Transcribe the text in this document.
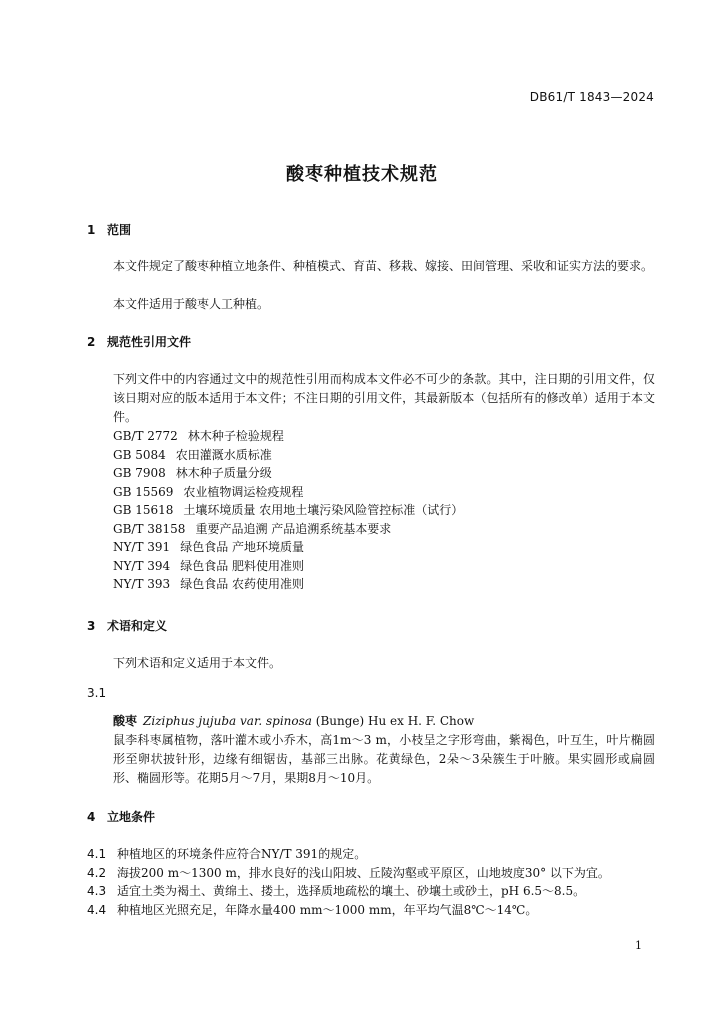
DB61/T 1843—2024
酸枣种植技术规范
1 范围
本文件规定了酸枣种植立地条件、种植模式、育苗、移栽、嫁接、田间管理、采收和证实方法的要求。
本文件适用于酸枣人工种植。
2 规范性引用文件
下列文件中的内容通过文中的规范性引用而构成本文件必不可少的条款。其中，注日期的引用文件，仅该日期对应的版本适用于本文件；不注日期的引用文件，其最新版本（包括所有的修改单）适用于本文件。
GB/T 2772 林木种子检验规程
GB 5084 农田灌溉水质标准
GB 7908 林木种子质量分级
GB 15569 农业植物调运检疫规程
GB 15618 土壤环境质量 农用地土壤污染风险管控标准（试行）
GB/T 38158 重要产品追溯 产品追溯系统基本要求
NY/T 391 绿色食品 产地环境质量
NY/T 394 绿色食品 肥料使用准则
NY/T 393 绿色食品 农药使用准则
3 术语和定义
下列术语和定义适用于本文件。
3.1
酸枣 Ziziphus jujuba var. spinosa (Bunge) Hu ex H. F. Chow
鼠李科枣属植物，落叶灌木或小乔木，高1m～3 m，小枝呈之字形弯曲，紫褐色，叶互生，叶片椭圆形至卵状披针形，边缘有细锯齿，基部三出脉。花黄绿色，2朵～3朵簇生于叶腋。果实圆形或扁圆形、椭圆形等。花期5月～7月，果期8月～10月。
4 立地条件
4.1 种植地区的环境条件应符合NY/T 391的规定。
4.2 海拔200 m～1300 m，排水良好的浅山阳坡、丘陵沟壑或平原区，山地坡度30° 以下为宜。
4.3 适宜土类为褐土、黄绵土、搂土，选择质地疏松的壤土、砂壤土或砂土，pH 6.5～8.5。
4.4 种植地区光照充足，年降水量400 mm～1000 mm，年平均气温8℃～14℃。
1
